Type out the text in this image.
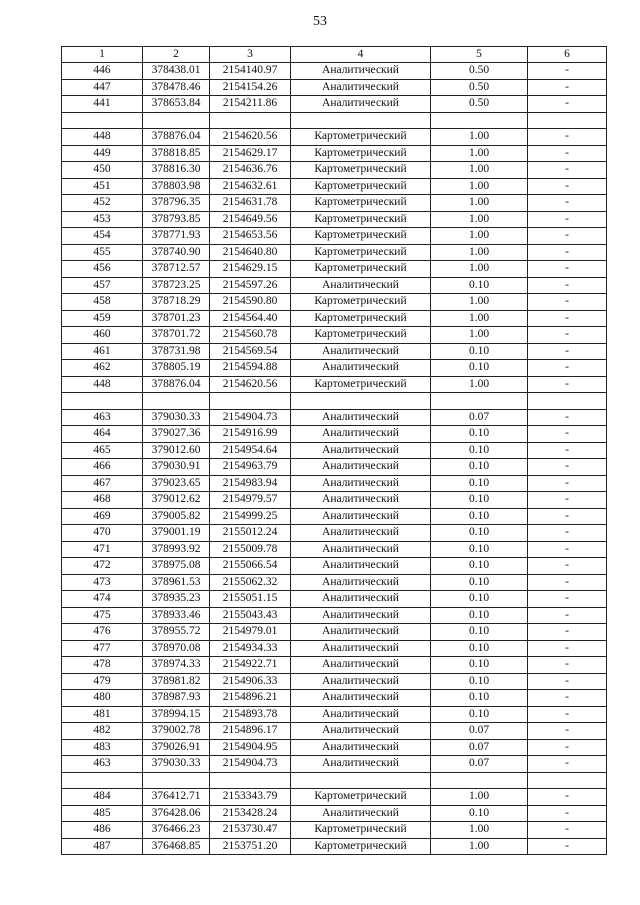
53
1	2	3	4	5	6
446	378438.01	2154140.97	Аналитический	0.50	-
447	378478.46	2154154.26	Аналитический	0.50	-
441	378653.84	2154211.86	Аналитический	0.50	-

448	378876.04	2154620.56	Картометрический	1.00	-
449	378818.85	2154629.17	Картометрический	1.00	-
450	378816.30	2154636.76	Картометрический	1.00	-
451	378803.98	2154632.61	Картометрический	1.00	-
452	378796.35	2154631.78	Картометрический	1.00	-
453	378793.85	2154649.56	Картометрический	1.00	-
454	378771.93	2154653.56	Картометрический	1.00	-
455	378740.90	2154640.80	Картометрический	1.00	-
456	378712.57	2154629.15	Картометрический	1.00	-
457	378723.25	2154597.26	Аналитический	0.10	-
458	378718.29	2154590.80	Картометрический	1.00	-
459	378701.23	2154564.40	Картометрический	1.00	-
460	378701.72	2154560.78	Картометрический	1.00	-
461	378731.98	2154569.54	Аналитический	0.10	-
462	378805.19	2154594.88	Аналитический	0.10	-
448	378876.04	2154620.56	Картометрический	1.00	-

463	379030.33	2154904.73	Аналитический	0.07	-
464	379027.36	2154916.99	Аналитический	0.10	-
465	379012.60	2154954.64	Аналитический	0.10	-
466	379030.91	2154963.79	Аналитический	0.10	-
467	379023.65	2154983.94	Аналитический	0.10	-
468	379012.62	2154979.57	Аналитический	0.10	-
469	379005.82	2154999.25	Аналитический	0.10	-
470	379001.19	2155012.24	Аналитический	0.10	-
471	378993.92	2155009.78	Аналитический	0.10	-
472	378975.08	2155066.54	Аналитический	0.10	-
473	378961.53	2155062.32	Аналитический	0.10	-
474	378935.23	2155051.15	Аналитический	0.10	-
475	378933.46	2155043.43	Аналитический	0.10	-
476	378955.72	2154979.01	Аналитический	0.10	-
477	378970.08	2154934.33	Аналитический	0.10	-
478	378974.33	2154922.71	Аналитический	0.10	-
479	378981.82	2154906.33	Аналитический	0.10	-
480	378987.93	2154896.21	Аналитический	0.10	-
481	378994.15	2154893.78	Аналитический	0.10	-
482	379002.78	2154896.17	Аналитический	0.07	-
483	379026.91	2154904.95	Аналитический	0.07	-
463	379030.33	2154904.73	Аналитический	0.07	-

484	376412.71	2153343.79	Картометрический	1.00	-
485	376428.06	2153428.24	Аналитический	0.10	-
486	376466.23	2153730.47	Картометрический	1.00	-
487	376468.85	2153751.20	Картометрический	1.00	-
